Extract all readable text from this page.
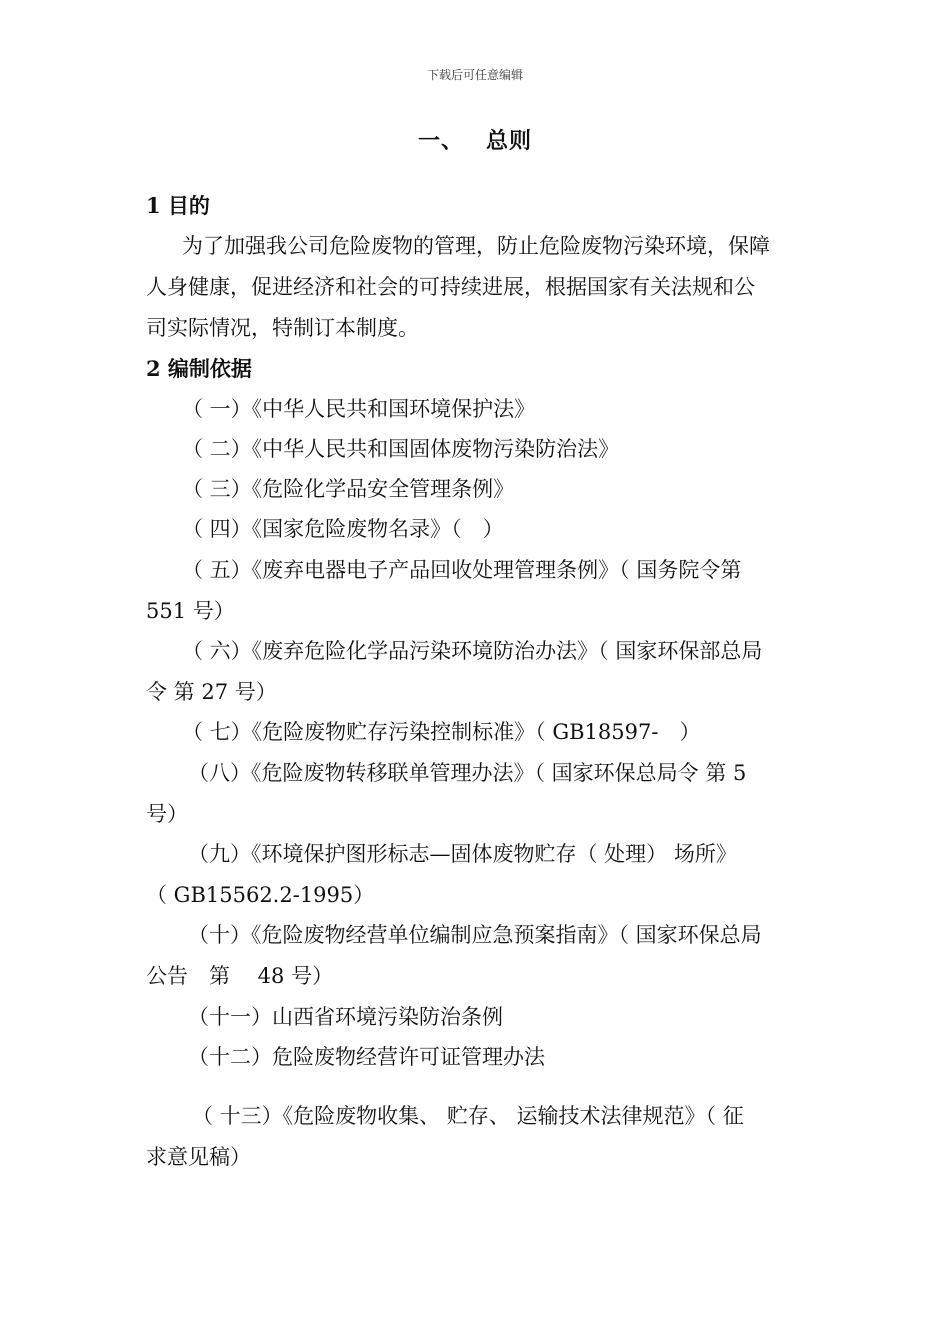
下载后可任意编辑
一、 总则
1 目的
为了加强我公司危险废物的管理，防止危险废物污染环境，保障
人身健康，促进经济和社会的可持续进展，根据国家有关法规和公
司实际情况，特制订本制度。
2 编制依据
（ 一）《中华人民共和国环境保护法》
（ 二）《中华人民共和国固体废物污染防治法》
（ 三）《危险化学品安全管理条例》
（ 四）《国家危险废物名录》（　）
（ 五）《废弃电器电子产品回收处理管理条例》（ 国务院令第
551 号）
（ 六）《废弃危险化学品污染环境防治办法》（ 国家环保部总局
令 第 27 号）
（ 七）《危险废物贮存污染控制标准》（ GB18597-　）
（八）《危险废物转移联单管理办法》（ 国家环保总局令 第 5
号）
（九）《环境保护图形标志—固体废物贮存（ 处理） 场所》
（ GB15562.2-1995）
（十）《危险废物经营单位编制应急预案指南》（ 国家环保总局
公告　第　 48 号）
（十一）山西省环境污染防治条例
（十二）危险废物经营许可证管理办法
（ 十三）《危险废物收集、 贮存、 运输技术法律规范》（ 征
求意见稿）
